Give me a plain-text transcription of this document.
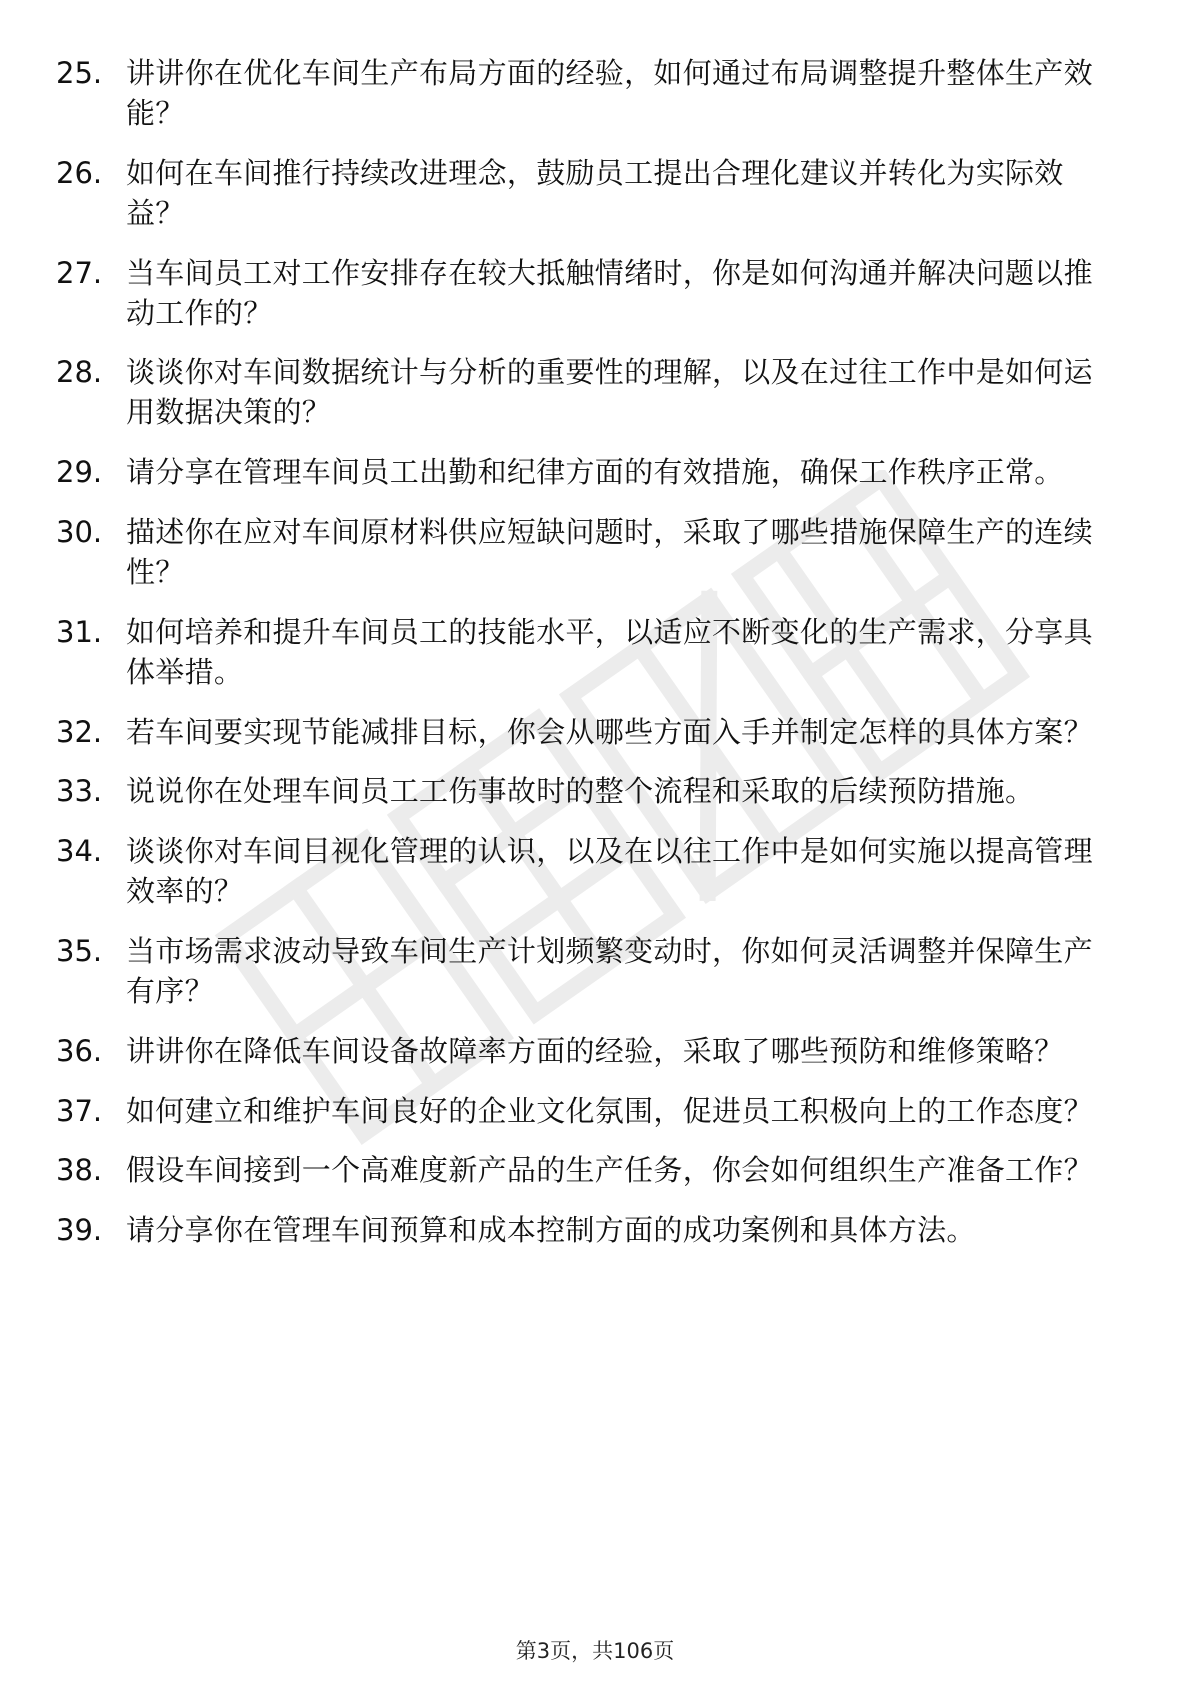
25. 讲讲你在优化车间生产布局方面的经验，如何通过布局调整提升整体生产效能？
26. 如何在车间推行持续改进理念，鼓励员工提出合理化建议并转化为实际效益？
27. 当车间员工对工作安排存在较大抵触情绪时，你是如何沟通并解决问题以推动工作的？
28. 谈谈你对车间数据统计与分析的重要性的理解，以及在过往工作中是如何运用数据决策的？
29. 请分享在管理车间员工出勤和纪律方面的有效措施，确保工作秩序正常。
30. 描述你在应对车间原材料供应短缺问题时，采取了哪些措施保障生产的连续性？
31. 如何培养和提升车间员工的技能水平，以适应不断变化的生产需求，分享具体举措。
32. 若车间要实现节能减排目标，你会从哪些方面入手并制定怎样的具体方案？
33. 说说你在处理车间员工工伤事故时的整个流程和采取的后续预防措施。
34. 谈谈你对车间目视化管理的认识，以及在以往工作中是如何实施以提高管理效率的？
35. 当市场需求波动导致车间生产计划频繁变动时，你如何灵活调整并保障生产有序？
36. 讲讲你在降低车间设备故障率方面的经验，采取了哪些预防和维修策略？
37. 如何建立和维护车间良好的企业文化氛围，促进员工积极向上的工作态度？
38. 假设车间接到一个高难度新产品的生产任务，你会如何组织生产准备工作？
39. 请分享你在管理车间预算和成本控制方面的成功案例和具体方法。
第3页，共106页
